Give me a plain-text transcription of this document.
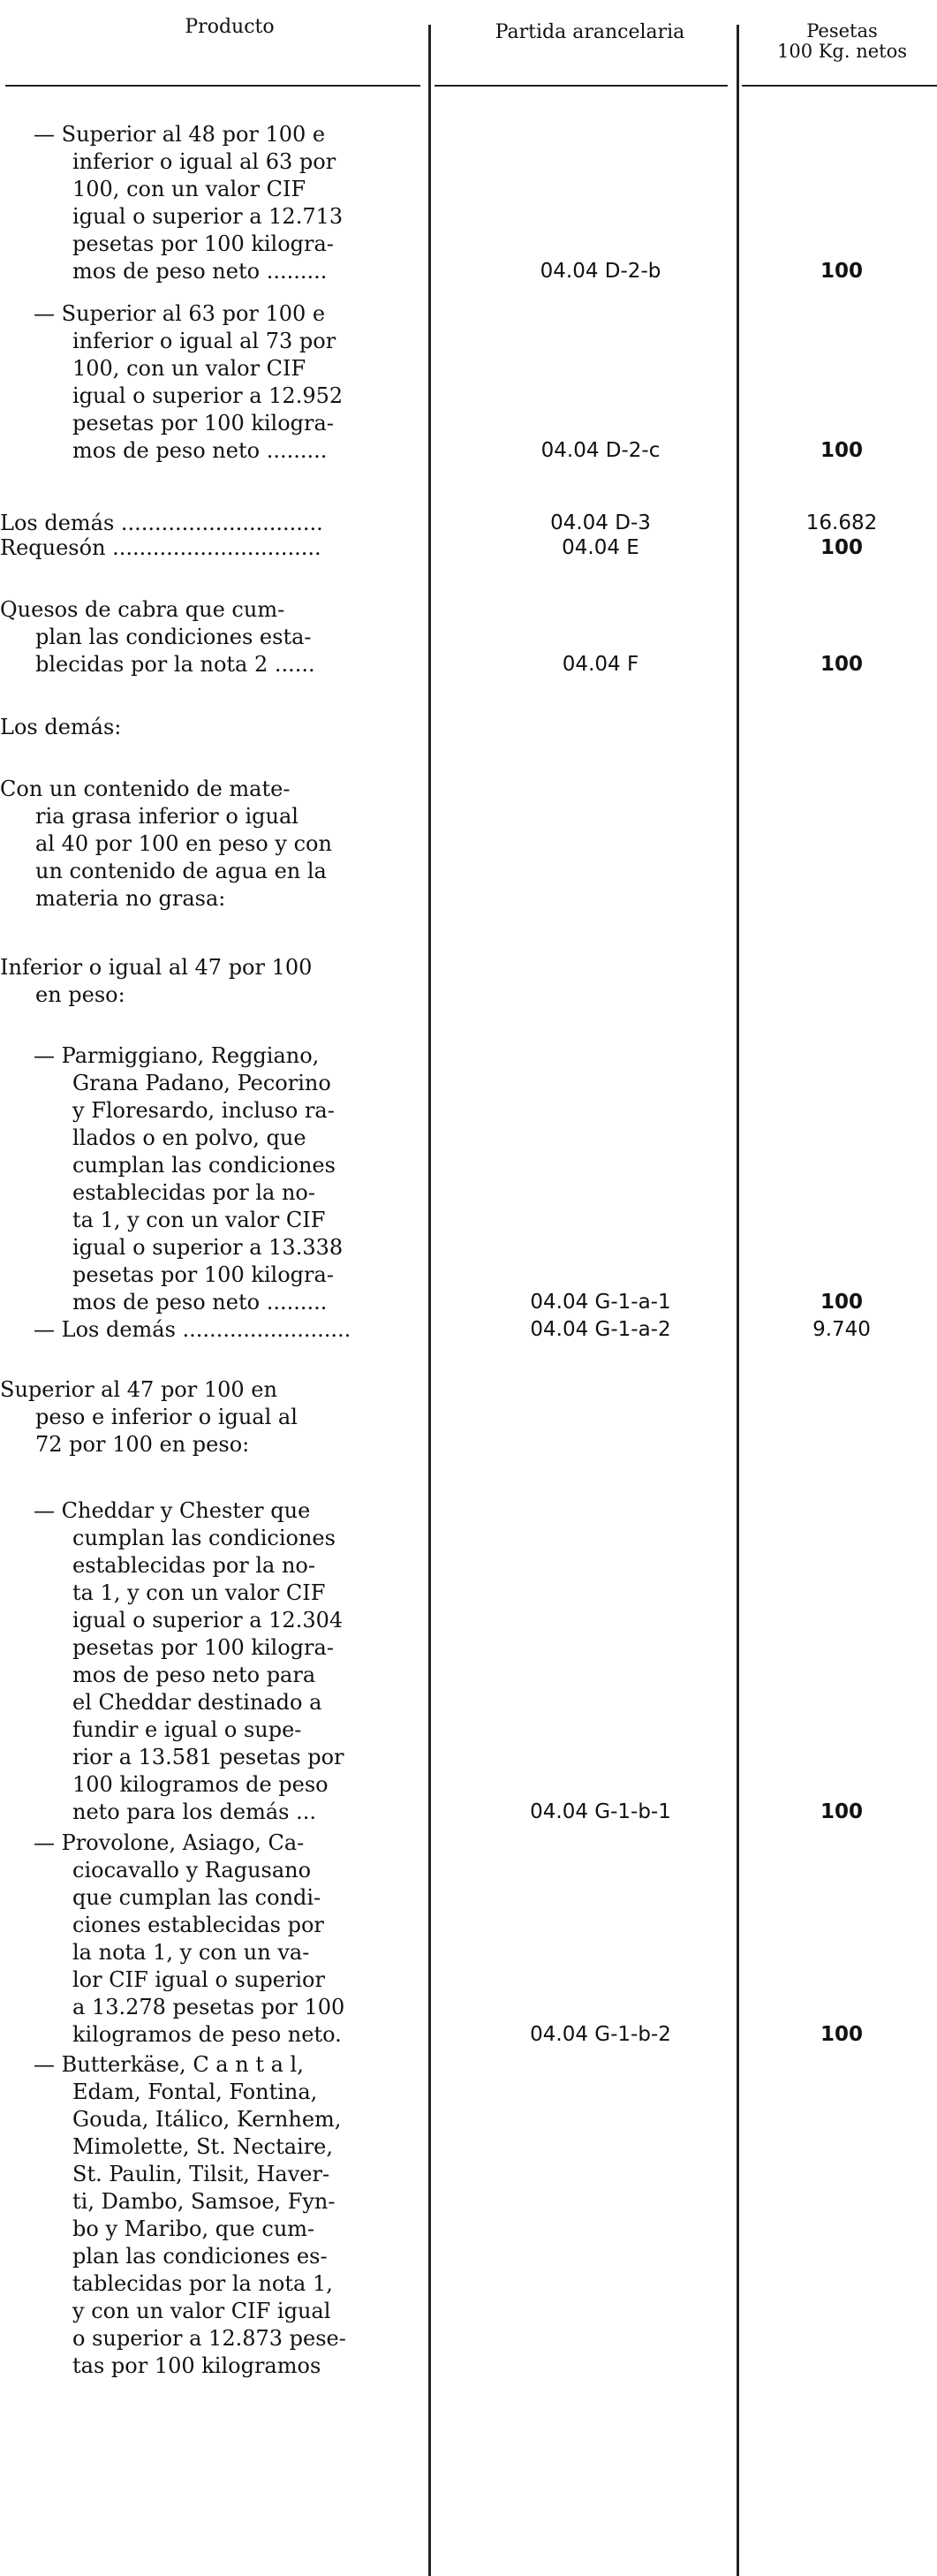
Producto	Partida arancelaria	Pesetas
100 Kg. netos
— Superior al 48 por 100 e
inferior o igual al 63 por
100, con un valor CIF
igual o superior a 12.713
pesetas por 100 kilogra-
mos de peso neto .........	04.04 D-2-b	100
— Superior al 63 por 100 e
inferior o igual al 73 por
100, con un valor CIF
igual o superior a 12.952
pesetas por 100 kilogra-
mos de peso neto .........	04.04 D-2-c	100
Los demás ..............................	04.04 D-3	16.682
Requesón ...............................	04.04 E	100
Quesos de cabra que cum-
plan las condiciones esta-
blecidas por la nota 2 ......	04.04 F	100
Los demás:
Con un contenido de mate-
ria grasa inferior o igual
al 40 por 100 en peso y con
un contenido de agua en la
materia no grasa:
Inferior o igual al 47 por 100
en peso:
— Parmiggiano, Reggiano,
Grana Padano, Pecorino
y Floresardo, incluso ra-
llados o en polvo, que
cumplan las condiciones
establecidas por la no-
ta 1, y con un valor CIF
igual o superior a 13.338
pesetas por 100 kilogra-
mos de peso neto .........	04.04 G-1-a-1	100
— Los demás .........................	04.04 G-1-a-2	9.740
Superior al 47 por 100 en
peso e inferior o igual al
72 por 100 en peso:
— Cheddar y Chester que
cumplan las condiciones
establecidas por la no-
ta 1, y con un valor CIF
igual o superior a 12.304
pesetas por 100 kilogra-
mos de peso neto para
el Cheddar destinado a
fundir e igual o supe-
rior a 13.581 pesetas por
100 kilogramos de peso
neto para los demás ...	04.04 G-1-b-1	100
— Provolone, Asiago, Ca-
ciocavallo y Ragusano
que cumplan las condi-
ciones establecidas por
la nota 1, y con un va-
lor CIF igual o superior
a 13.278 pesetas por 100
kilogramos de peso neto.	04.04 G-1-b-2	100
— Butterkäse, C a n t a l,
Edam, Fontal, Fontina,
Gouda, Itálico, Kernhem,
Mimolette, St. Nectaire,
St. Paulin, Tilsit, Haver-
ti, Dambo, Samsoe, Fyn-
bo y Maribo, que cum-
plan las condiciones es-
tablecidas por la nota 1,
y con un valor CIF igual
o superior a 12.873 pese-
tas por 100 kilogramos
